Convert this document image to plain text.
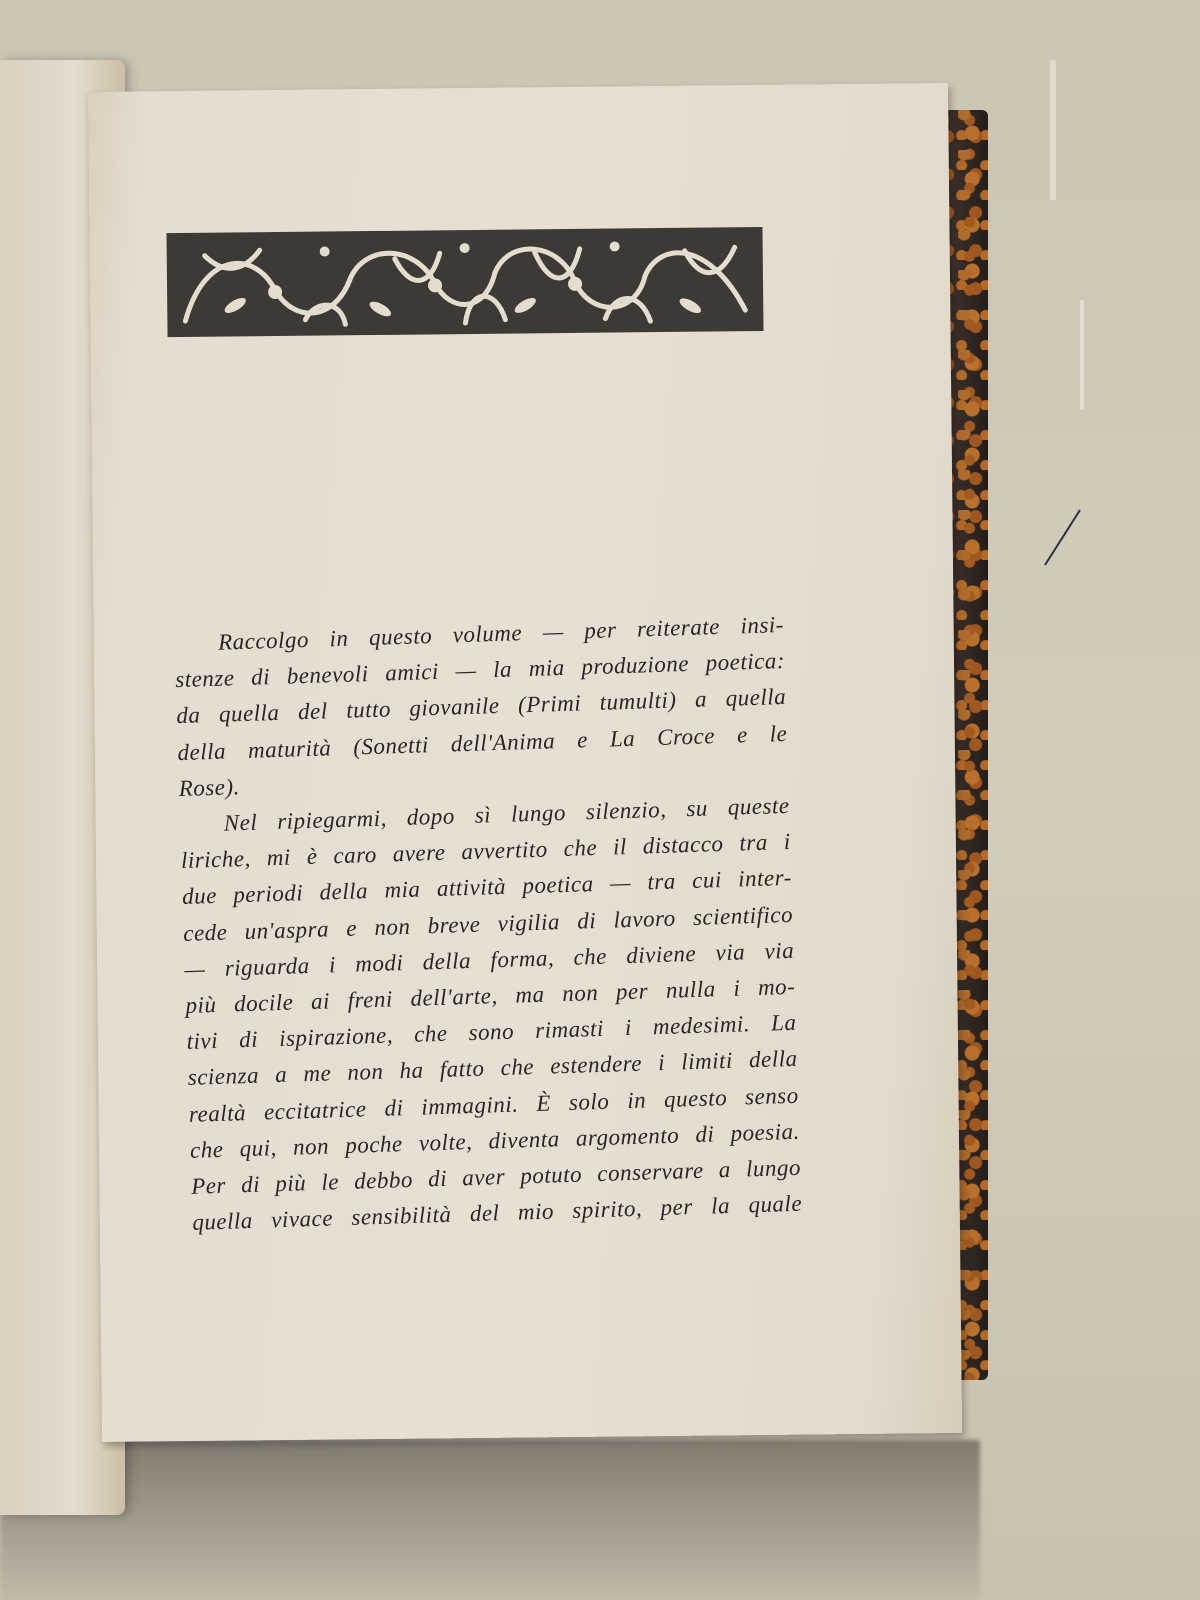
Raccolgo in questo volume — per reiterate insi-
stenze di benevoli amici — la mia produzione poetica:
da quella del tutto giovanile (Primi tumulti) a quella
della maturità (Sonetti dell'Anima e La Croce e le
Rose).
Nel ripiegarmi, dopo sì lungo silenzio, su queste
liriche, mi è caro avere avvertito che il distacco tra i
due periodi della mia attività poetica — tra cui inter-
cede un'aspra e non breve vigilia di lavoro scientifico
— riguarda i modi della forma, che diviene via via
più docile ai freni dell'arte, ma non per nulla i mo-
tivi di ispirazione, che sono rimasti i medesimi. La
scienza a me non ha fatto che estendere i limiti della
realtà eccitatrice di immagini. È solo in questo senso
che qui, non poche volte, diventa argomento di poesia.
Per di più le debbo di aver potuto conservare a lungo
quella vivace sensibilità del mio spirito, per la quale
